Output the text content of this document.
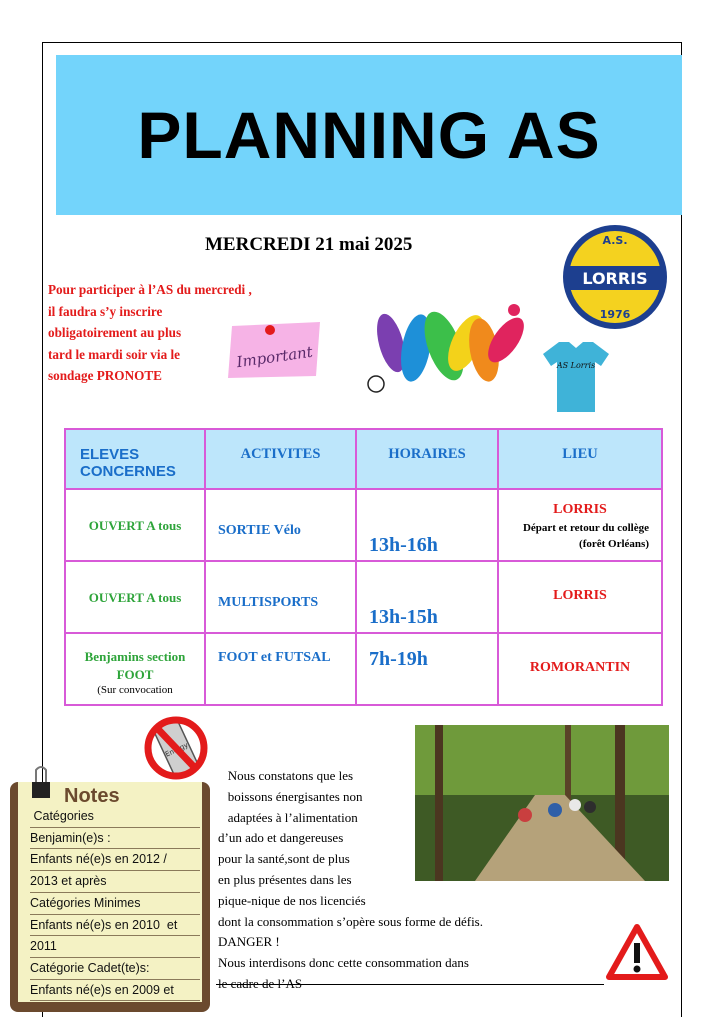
PLANNING AS
MERCREDI 21 mai 2025
Pour participer à l’AS du mercredi ,
il faudra s’y inscrire
obligatoirement au plus
tard le mardi soir via le
sondage PRONOTE
Important
A.S.
LORRIS
1976
AS Lorris
ELEVES CONCERNES	ACTIVITES	HORAIRES	LIEU

OUVERT A tous	SORTIE Vélo	13h-16h	LORRIS
Départ et retour du collège (forêt Orléans)

OUVERT A tous	MULTISPORTS	13h-15h	LORRIS

Benjamins section FOOT
(Sur convocation	FOOT et FUTSAL	7h-19h	ROMORANTIN
Nous constatons que les
boissons énergisantes non
adaptées à l’alimentation
d’un ado et dangereuses
pour la santé,sont de plus
en plus présentes dans les
pique-nique de nos licenciés
dont la consommation s’opère sous forme de défis.
DANGER !
Nous interdisons donc cette consommation dans
le cadre de l’AS
Notes
Catégories
Benjamin(e)s :
Enfants né(e)s en 2012 /
2013 et après
Catégories Minimes
Enfants né(e)s en 2010  et
2011
Catégorie Cadet(te)s:
Enfants né(e)s en 2009 et
